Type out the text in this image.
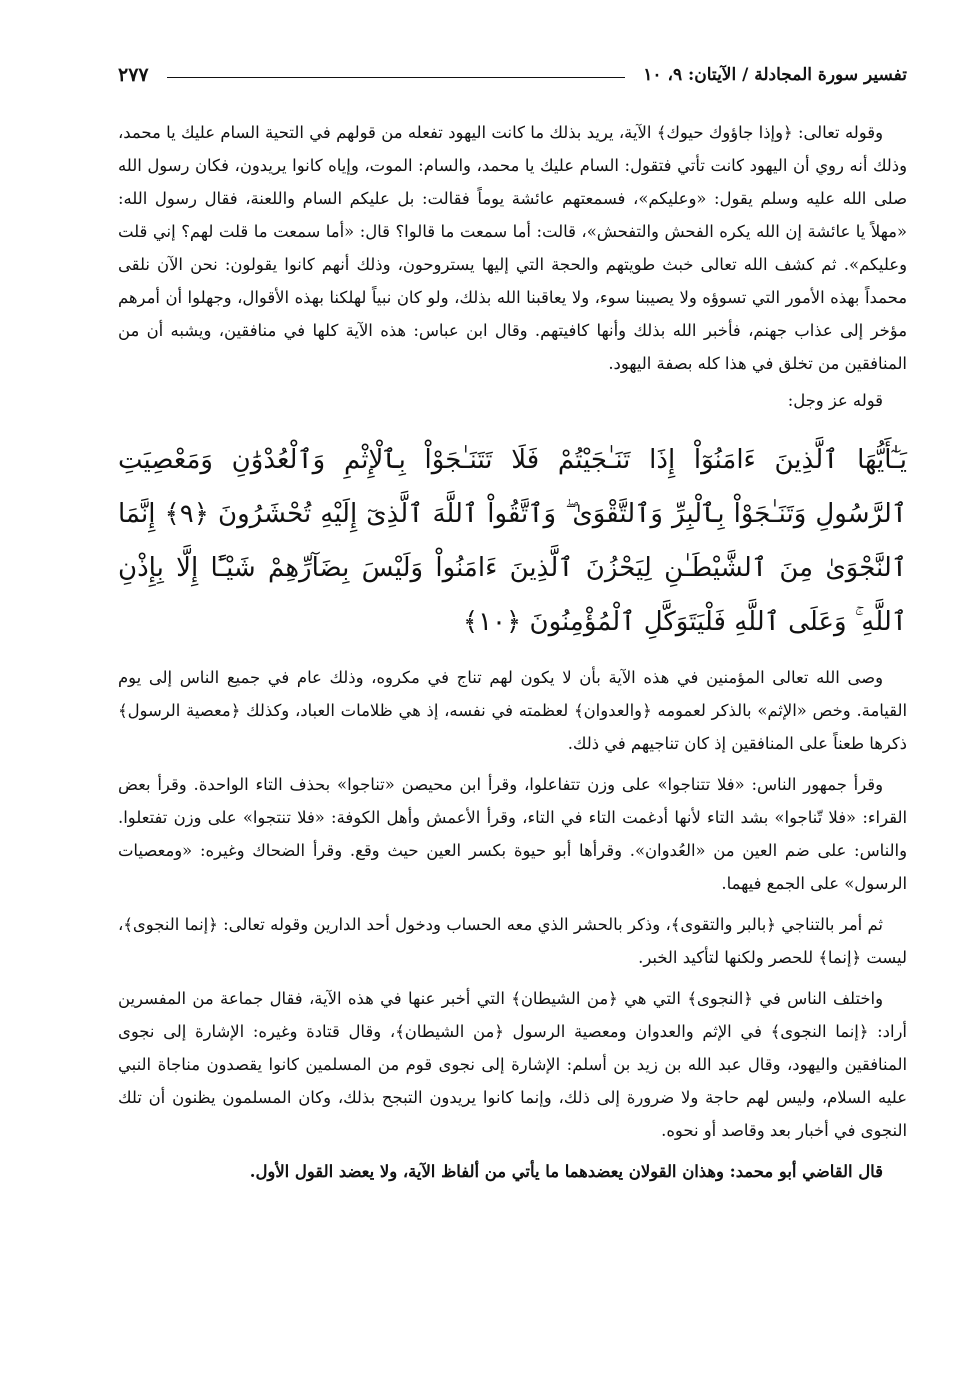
تفسير سورة المجادلة / الآيتان: ٩، ١٠
٢٧٧

وقوله تعالى: ﴿وإذا جاؤوك حيوك﴾ الآية، يريد بذلك ما كانت اليهود تفعله من قولهم في التحية السام عليك يا محمد، وذلك أنه روي أن اليهود كانت تأتي فتقول: السام عليك يا محمد، والسام: الموت، وإياه كانوا يريدون، فكان رسول الله صلى الله عليه وسلم يقول: «وعليكم»، فسمعتهم عائشة يوماً فقالت: بل عليكم السام واللعنة، فقال رسول الله: «مهلاً يا عائشة إن الله يكره الفحش والتفحش»، قالت: أما سمعت ما قالوا؟ قال: «أما سمعت ما قلت لهم؟ إني قلت وعليكم». ثم كشف الله تعالى خبث طويتهم والحجة التي إليها يستروحون، وذلك أنهم كانوا يقولون: نحن الآن نلقى محمداً بهذه الأمور التي تسوؤه ولا يصيبنا سوء، ولا يعاقبنا الله بذلك، ولو كان نبياً لهلكنا بهذه الأقوال، وجهلوا أن أمرهم مؤخر إلى عذاب جهنم، فأخبر الله بذلك وأنها كافيتهم. وقال ابن عباس: هذه الآية كلها في منافقين، ويشبه أن من المنافقين من تخلق في هذا كله بصفة اليهود.

قوله عز وجل:

يَـٰٓأَيُّهَا ٱلَّذِينَ ءَامَنُوٓاْ إِذَا تَنَـٰجَيْتُمْ فَلَا تَتَنَـٰجَوْاْ بِٱلْإِثْمِ وَٱلْعُدْوَٰنِ وَمَعْصِيَتِ ٱلرَّسُولِ وَتَنَـٰجَوْاْ بِٱلْبِرِّ وَٱلتَّقْوَىٰ ۖ وَٱتَّقُواْ ٱللَّهَ ٱلَّذِىٓ إِلَيْهِ تُحْشَرُونَ ﴿٩﴾ إِنَّمَا ٱلنَّجْوَىٰ مِنَ ٱلشَّيْطَـٰنِ لِيَحْزُنَ ٱلَّذِينَ ءَامَنُواْ وَلَيْسَ بِضَآرِّهِمْ شَيْـًٔا إِلَّا بِإِذْنِ ٱللَّهِ ۚ وَعَلَى ٱللَّهِ فَلْيَتَوَكَّلِ ٱلْمُؤْمِنُونَ ﴿١٠﴾

وصى الله تعالى المؤمنين في هذه الآية بأن لا يكون لهم تناج في مكروه، وذلك عام في جميع الناس إلى يوم القيامة. وخص «الإثم» بالذكر لعمومه ﴿والعدوان﴾ لعظمته في نفسه، إذ هي ظلامات العباد، وكذلك ﴿معصية الرسول﴾ ذكرها طعناً على المنافقين إذ كان تناجيهم في ذلك.

وقرأ جمهور الناس: «فلا تتناجوا» على وزن تتفاعلوا، وقرأ ابن محيصن «تناجوا» بحذف التاء الواحدة. وقرأ بعض القراء: «فلا تّناجوا» بشد التاء لأنها أدغمت التاء في التاء، وقرأ الأعمش وأهل الكوفة: «فلا تنتجوا» على وزن تفتعلوا. والناس: على ضم العين من «العُدوان». وقرأها أبو حيوة بكسر العين حيث وقع. وقرأ الضحاك وغيره: «ومعصيات الرسول» على الجمع فيهما.

ثم أمر بالتناجي ﴿بالبر والتقوى﴾، وذكر بالحشر الذي معه الحساب ودخول أحد الدارين وقوله تعالى: ﴿إنما النجوى﴾، ليست ﴿إنما﴾ للحصر ولكنها لتأكيد الخبر.

واختلف الناس في ﴿النجوى﴾ التي هي ﴿من الشيطان﴾ التي أخبر عنها في هذه الآية، فقال جماعة من المفسرين أراد: ﴿إنما النجوى﴾ في الإثم والعدوان ومعصية الرسول ﴿من الشيطان﴾، وقال قتادة وغيره: الإشارة إلى نجوى المنافقين واليهود، وقال عبد الله بن زيد بن أسلم: الإشارة إلى نجوى قوم من المسلمين كانوا يقصدون مناجاة النبي عليه السلام، وليس لهم حاجة ولا ضرورة إلى ذلك، وإنما كانوا يريدون التبجح بذلك، وكان المسلمون يظنون أن تلك النجوى في أخبار بعد وقاصد أو نحوه.

قال القاضي أبو محمد: وهذان القولان يعضدهما ما يأتي من ألفاظ الآية، ولا يعضد القول الأول.
